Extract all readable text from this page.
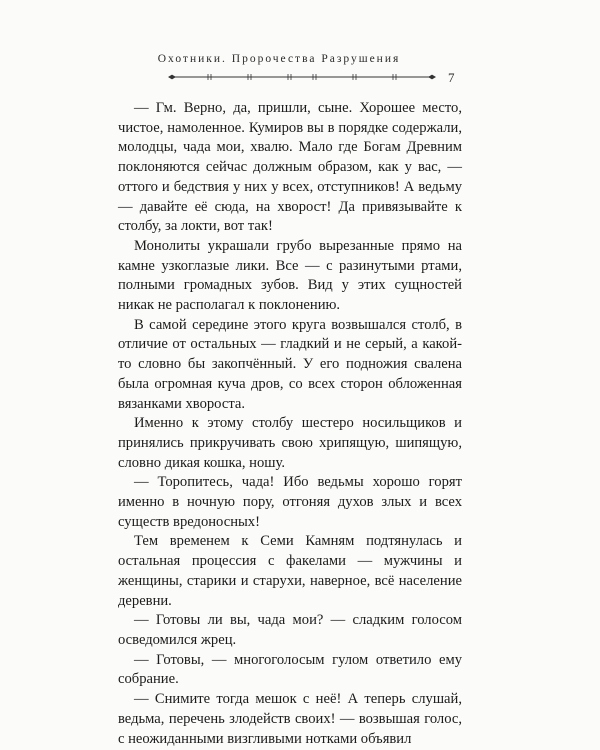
Охотники. Пророчества Разрушения
7

— Гм. Верно, да, пришли, сыне. Хорошее место, чистое, намоленное. Кумиров вы в порядке содержали, молодцы, чада мои, хвалю. Мало где Богам Древним поклоняются сейчас должным образом, как у вас, — оттого и бедствия у них у всех, отступников! А ведьму — давайте её сюда, на хворост! Да привязывайте к столбу, за локти, вот так!

Монолиты украшали грубо вырезанные прямо на камне узкоглазые лики. Все — с разинутыми ртами, полными громадных зубов. Вид у этих сущностей никак не располагал к поклонению.

В самой середине этого круга возвышался столб, в отличие от остальных — гладкий и не серый, а какой-то словно бы закопчённый. У его подножия свалена была огромная куча дров, со всех сторон обложенная вязанками хвороста.

Именно к этому столбу шестеро носильщиков и принялись прикручивать свою хрипящую, шипящую, словно дикая кошка, ношу.

— Торопитесь, чада! Ибо ведьмы хорошо горят именно в ночную пору, отгоняя духов злых и всех существ вредоносных!

Тем временем к Семи Камням подтянулась и остальная процессия с факелами — мужчины и женщины, старики и старухи, наверное, всё население деревни.

— Готовы ли вы, чада мои? — сладким голосом осведомился жрец.

— Готовы, — многоголосым гулом ответило ему собрание.

— Снимите тогда мешок с неё! А теперь слушай, ведьма, перечень злодейств своих! — возвышая голос, с неожиданными визгливыми нотками объявил
